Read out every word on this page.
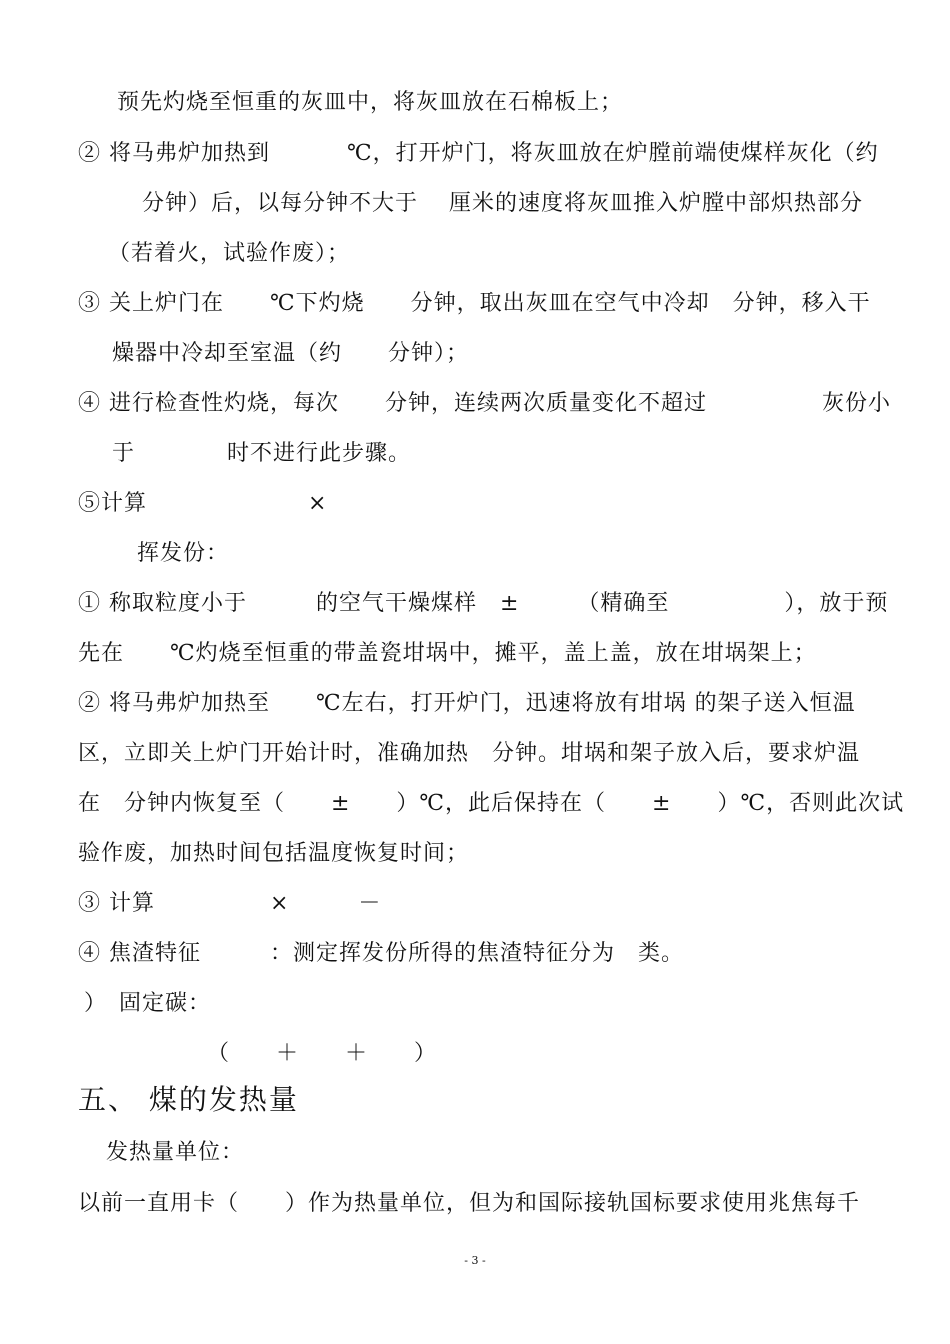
预先灼烧至恒重的灰皿中，将灰皿放在石棉板上；
② 将马弗炉加热到　　　 ℃，打开炉门，将灰皿放在炉膛前端使煤样灰化（约
分钟）后，以每分钟不大于　 厘米的速度将灰皿推入炉膛中部炽热部分
（若着火，试验作废）；
③ 关上炉门在　　℃下灼烧　　分钟，取出灰皿在空气中冷却　分钟，移入干
燥器中冷却至室温（约　　分钟）；
④ 进行检查性灼烧，每次　　分钟，连续两次质量变化不超过　　　　　灰份小
于　　　　时不进行此步骤。
⑤计算　　　　　　　×
挥发份：
① 称取粒度小于　　　的空气干燥煤样　±　　　（精确至　　　　　），放于预
先在　　℃灼烧至恒重的带盖瓷坩埚中，摊平，盖上盖，放在坩埚架上；
② 将马弗炉加热至　　℃左右，打开炉门，迅速将放有坩埚 的架子送入恒温
区，立即关上炉门开始计时，准确加热　分钟。坩埚和架子放入后，要求炉温
在　分钟内恢复至（　　±　　）℃，此后保持在（　　±　　）℃，否则此次试
验作废，加热时间包括温度恢复时间；
③ 计算　　　　　×　　　－
④ 焦渣特征　　　：测定挥发份所得的焦渣特征分为　类。
）　固定碳：
（　　＋　　＋　　）
五、 煤的发热量
发热量单位：
以前一直用卡（　　）作为热量单位，但为和国际接轨国标要求使用兆焦每千
- 3 -
